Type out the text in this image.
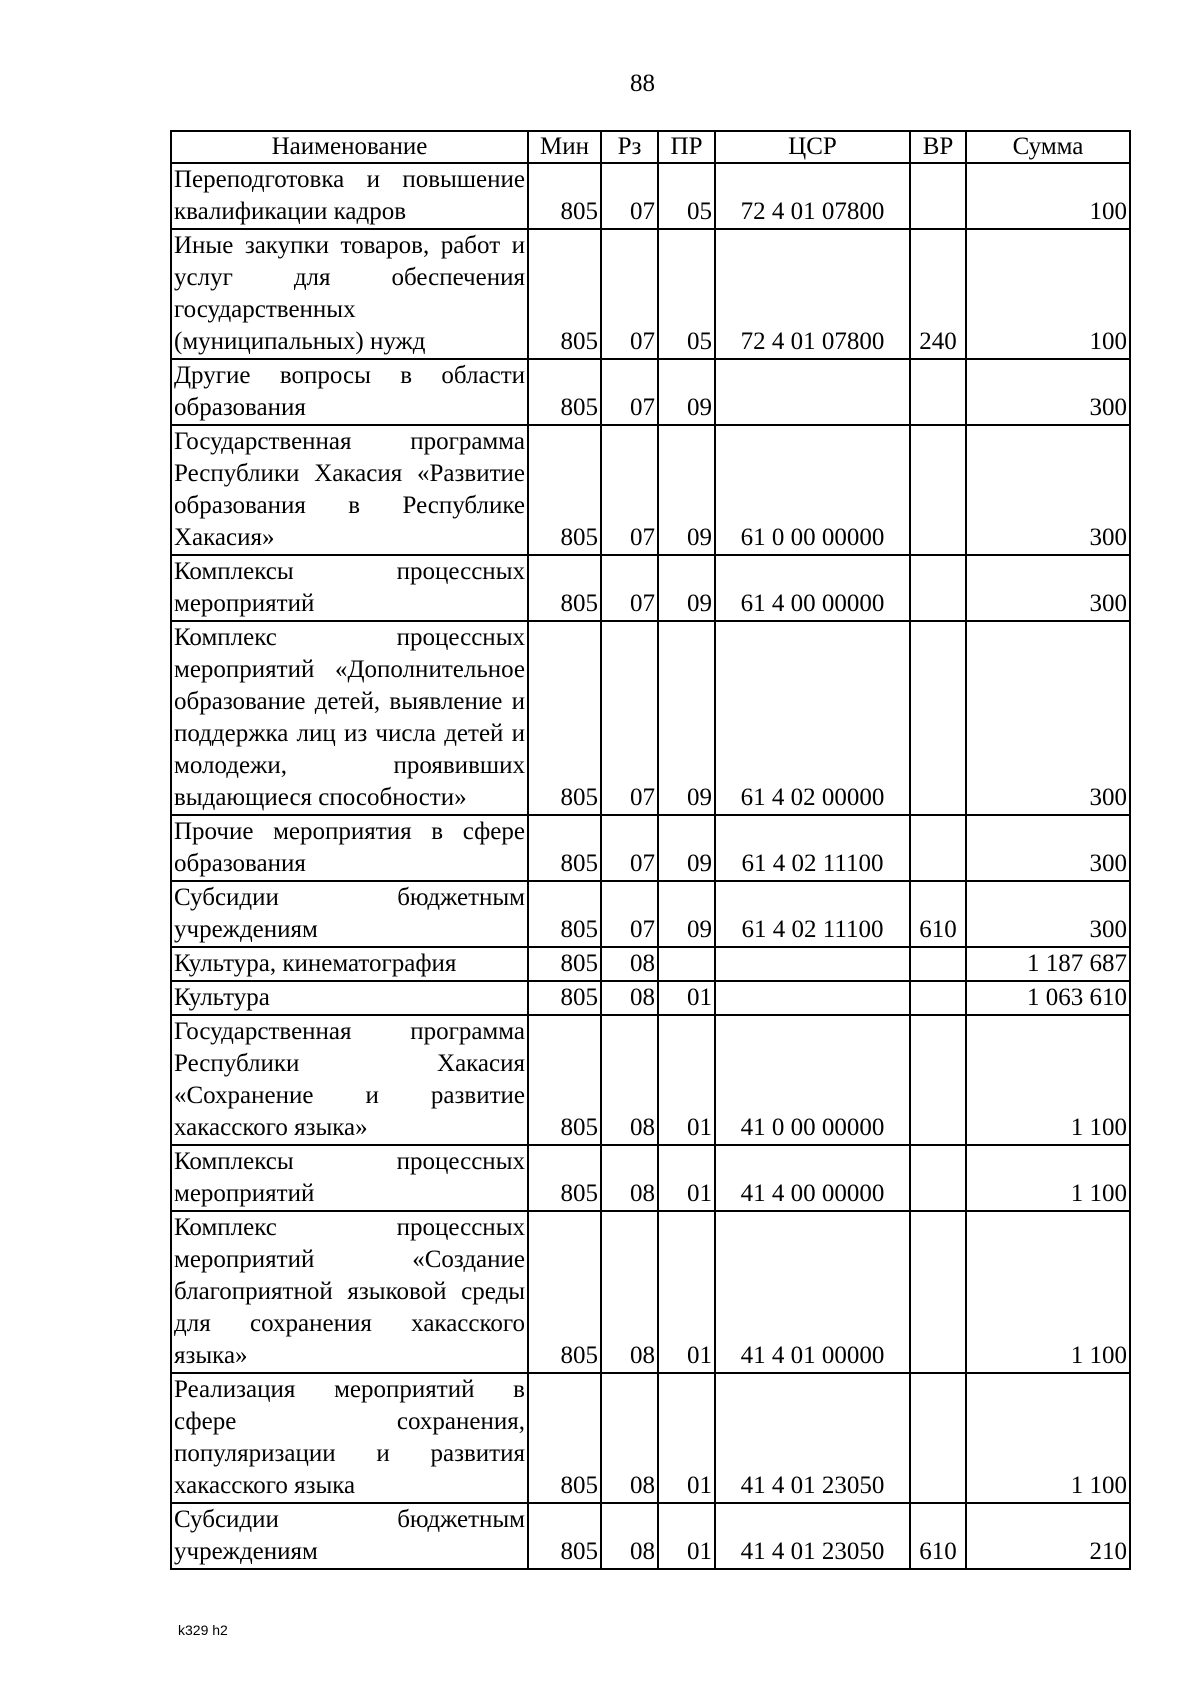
88
Наименование	Мин	Рз	ПР	ЦСР	ВР	Сумма
Переподготовка и повышение квалификации кадров	805	07	05	72 4 01 07800		100
Иные закупки товаров, работ и услуг для обеспечения государственных (муниципальных) нужд	805	07	05	72 4 01 07800	240	100
Другие вопросы в области образования	805	07	09			300
Государственная программа Республики Хакасия «Развитие образования в Республике Хакасия»	805	07	09	61 0 00 00000		300
Комплексы процессных мероприятий	805	07	09	61 4 00 00000		300
Комплекс процессных мероприятий «Дополнительное образование детей, выявление и поддержка лиц из числа детей и молодежи, проявивших выдающиеся способности»	805	07	09	61 4 02 00000		300
Прочие мероприятия в сфере образования	805	07	09	61 4 02 11100		300
Субсидии бюджетным учреждениям	805	07	09	61 4 02 11100	610	300
Культура, кинематография	805	08				1 187 687
Культура	805	08	01			1 063 610
Государственная программа Республики Хакасия «Сохранение и развитие хакасского языка»	805	08	01	41 0 00 00000		1 100
Комплексы процессных мероприятий	805	08	01	41 4 00 00000		1 100
Комплекс процессных мероприятий «Создание благоприятной языковой среды для сохранения хакасского языка»	805	08	01	41 4 01 00000		1 100
Реализация мероприятий в сфере сохранения, популяризации и развития хакасского языка	805	08	01	41 4 01 23050		1 100
Субсидии бюджетным учреждениям	805	08	01	41 4 01 23050	610	210
k329 h2
